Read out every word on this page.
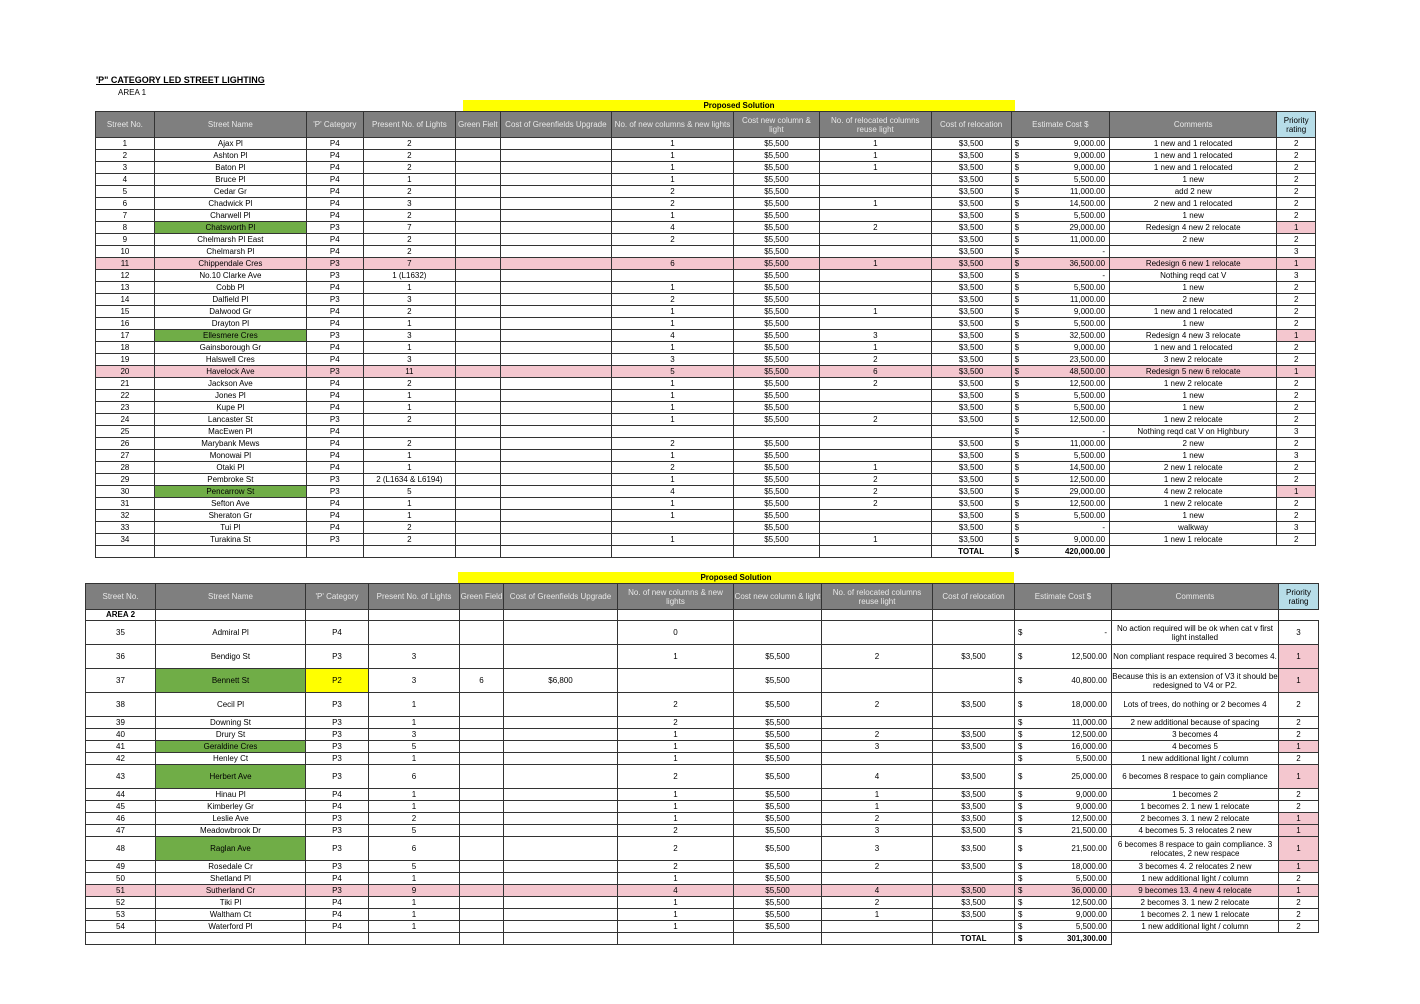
'P" CATEGORY LED STREET LIGHTING
AREA 1
Proposed Solution
Street No.	Street Name	'P' Category	Present No. of Lights	Green Fielt	Cost of Greenfields Upgrade	No. of new columns & new lights	Cost new column & light	No. of relocated columns reuse light	Cost of relocation	Estimate Cost $	Comments	Priority rating
1	Ajax Pl	P4	2			1	$5,500	1	$3,500	$ 9,000.00	1 new and 1 relocated	2
2	Ashton Pl	P4	2			1	$5,500	1	$3,500	$ 9,000.00	1 new and 1 relocated	2
3	Baton Pl	P4	2			1	$5,500	1	$3,500	$ 9,000.00	1 new and 1 relocated	2
4	Bruce Pl	P4	1			1	$5,500		$3,500	$ 5,500.00	1 new	2
5	Cedar Gr	P4	2			2	$5,500		$3,500	$ 11,000.00	add 2 new	2
6	Chadwick Pl	P4	3			2	$5,500	1	$3,500	$ 14,500.00	2 new and 1 relocated	2
7	Charwell Pl	P4	2			1	$5,500		$3,500	$ 5,500.00	1 new	2
8	Chatsworth Pl	P3	7			4	$5,500	2	$3,500	$ 29,000.00	Redesign 4 new 2 relocate	1
9	Chelmarsh Pl East	P4	2			2	$5,500		$3,500	$ 11,000.00	2 new	2
10	Chelmarsh Pl	P4	2				$5,500		$3,500	$ -		3
11	Chippendale Cres	P3	7			6	$5,500	1	$3,500	$ 36,500.00	Redesign 6 new 1 relocate	1
12	No.10 Clarke Ave	P3	1 (L1632)				$5,500		$3,500	$ -	Nothing reqd cat V	3
13	Cobb Pl	P4	1			1	$5,500		$3,500	$ 5,500.00	1 new	2
14	Dalfield Pl	P3	3			2	$5,500		$3,500	$ 11,000.00	2 new	2
15	Dalwood Gr	P4	2			1	$5,500	1	$3,500	$ 9,000.00	1 new and 1 relocated	2
16	Drayton Pl	P4	1			1	$5,500		$3,500	$ 5,500.00	1 new	2
17	Ellesmere Cres	P3	3			4	$5,500	3	$3,500	$ 32,500.00	Redesign 4 new 3 relocate	1
18	Gainsborough Gr	P4	1			1	$5,500	1	$3,500	$ 9,000.00	1 new and 1 relocated	2
19	Halswell Cres	P4	3			3	$5,500	2	$3,500	$ 23,500.00	3 new 2 relocate	2
20	Havelock Ave	P3	11			5	$5,500	6	$3,500	$ 48,500.00	Redesign 5 new 6 relocate	1
21	Jackson Ave	P4	2			1	$5,500	2	$3,500	$ 12,500.00	1 new 2 relocate	2
22	Jones Pl	P4	1			1	$5,500		$3,500	$ 5,500.00	1 new	2
23	Kupe Pl	P4	1			1	$5,500		$3,500	$ 5,500.00	1 new	2
24	Lancaster St	P3	2			1	$5,500	2	$3,500	$ 12,500.00	1 new 2 relocate	2
25	MacEwen Pl	P4								$ -	Nothing reqd cat V on Highbury	3
26	Marybank Mews	P4	2			2	$5,500		$3,500	$ 11,000.00	2 new	2
27	Monowai Pl	P4	1			1	$5,500		$3,500	$ 5,500.00	1 new	3
28	Otaki Pl	P4	1			2	$5,500	1	$3,500	$ 14,500.00	2 new 1 relocate	2
29	Pembroke St	P3	2 (L1634 & L6194)			1	$5,500	2	$3,500	$ 12,500.00	1 new 2 relocate	2
30	Pencarrow St	P3	5			4	$5,500	2	$3,500	$ 29,000.00	4 new 2 relocate	1
31	Sefton Ave	P4	1			1	$5,500	2	$3,500	$ 12,500.00	1 new 2 relocate	2
32	Sheraton Gr	P4	1			1	$5,500		$3,500	$ 5,500.00	1 new	2
33	Tui Pl	P4	2				$5,500		$3,500	$ -	walkway	3
34	Turakina St	P3	2			1	$5,500	1	$3,500	$ 9,000.00	1 new 1 relocate	2
									TOTAL	$ 420,000.00		
Proposed Solution
Street No.	Street Name	'P' Category	Present No. of Lights	Green Field	Cost of Greenfields Upgrade	No. of new columns & new lights	Cost new column & light	No. of relocated columns reuse light	Cost of relocation	Estimate Cost $	Comments	Priority rating
AREA 2												
35	Admiral Pl	P4				0				$ -	No action required will be ok when cat v first light installed	3
36	Bendigo St	P3	3			1	$5,500	2	$3,500	$ 12,500.00	Non compliant respace required 3 becomes 4.	1
37	Bennett St	P2	3	6	$6,800		$5,500			$ 40,800.00	Because this is an extension of V3 it should be redesigned to V4 or P2.	1
38	Cecil Pl	P3	1			2	$5,500	2	$3,500	$ 18,000.00	Lots of trees, do nothing or 2 becomes 4	2
39	Downing St	P3	1			2	$5,500			$ 11,000.00	2 new additional because of spacing	2
40	Drury St	P3	3			1	$5,500	2	$3,500	$ 12,500.00	3 becomes 4	2
41	Geraldine Cres	P3	5			1	$5,500	3	$3,500	$ 16,000.00	4 becomes 5	1
42	Henley Ct	P3	1			1	$5,500			$ 5,500.00	1 new additional light / column	2
43	Herbert Ave	P3	6			2	$5,500	4	$3,500	$ 25,000.00	6 becomes 8 respace to gain compliance	1
44	Hinau Pl	P4	1			1	$5,500	1	$3,500	$ 9,000.00	1 becomes 2	2
45	Kimberley Gr	P4	1			1	$5,500	1	$3,500	$ 9,000.00	1 becomes 2. 1 new 1 relocate	2
46	Leslie Ave	P3	2			1	$5,500	2	$3,500	$ 12,500.00	2 becomes 3. 1 new 2 relocate	1
47	Meadowbrook Dr	P3	5			2	$5,500	3	$3,500	$ 21,500.00	4 becomes 5. 3 relocates 2 new	1
48	Raglan Ave	P3	6			2	$5,500	3	$3,500	$ 21,500.00	6 becomes 8 respace to gain compliance. 3 relocates, 2 new respace	1
49	Rosedale Cr	P3	5			2	$5,500	2	$3,500	$ 18,000.00	3 becomes 4. 2 relocates 2 new	1
50	Shetland Pl	P4	1			1	$5,500			$ 5,500.00	1 new additional light / column	2
51	Sutherland Cr	P3	9			4	$5,500	4	$3,500	$ 36,000.00	9 becomes 13. 4 new 4 relocate	1
52	Tiki Pl	P4	1			1	$5,500	2	$3,500	$ 12,500.00	2 becomes 3. 1 new 2 relocate	2
53	Waltham Ct	P4	1			1	$5,500	1	$3,500	$ 9,000.00	1 becomes 2. 1 new 1 relocate	2
54	Waterford Pl	P4	1			1	$5,500			$ 5,500.00	1 new additional light / column	2
									TOTAL	$ 301,300.00		
